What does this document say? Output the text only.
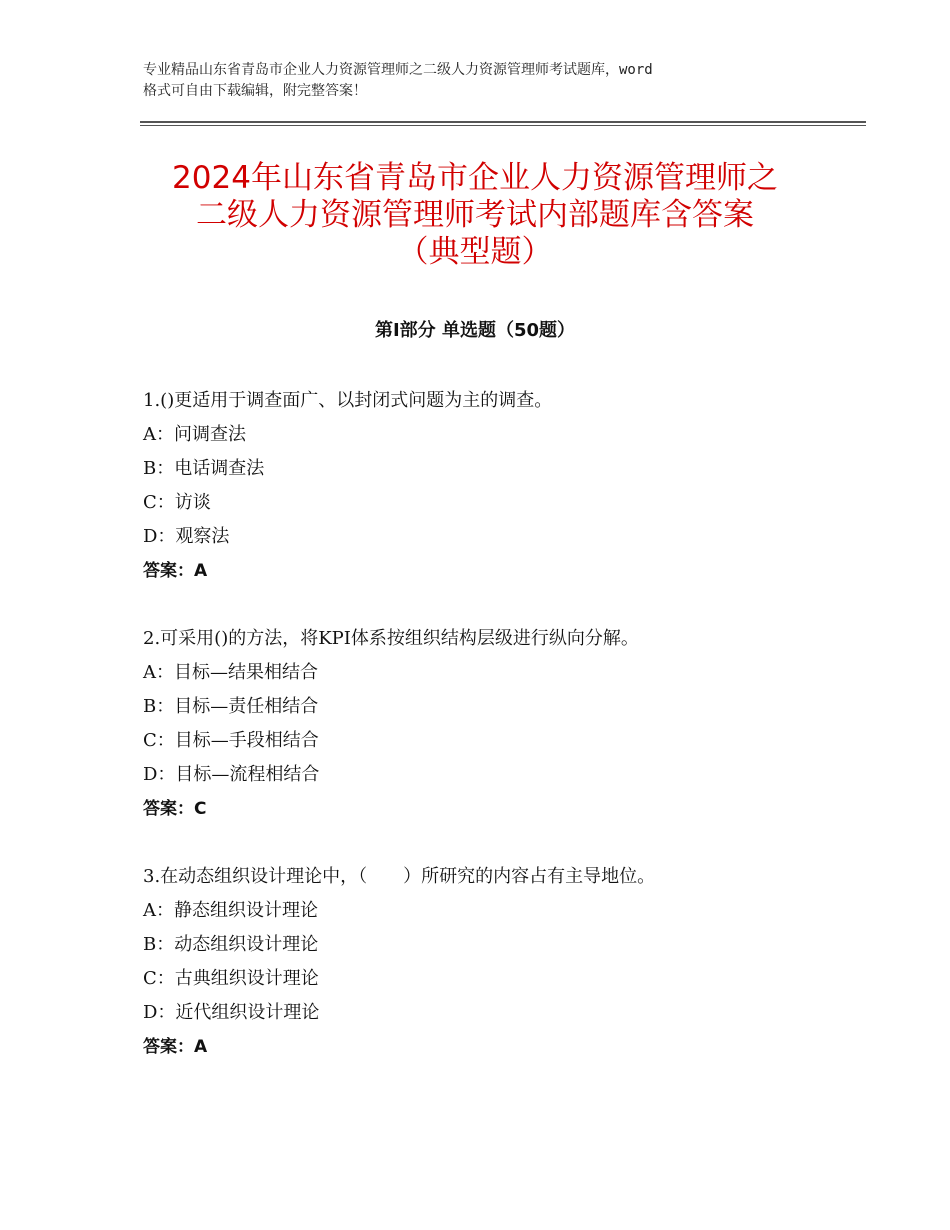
专业精品山东省青岛市企业人力资源管理师之二级人力资源管理师考试题库，word
格式可自由下载编辑，附完整答案！
2024年山东省青岛市企业人力资源管理师之
二级人力资源管理师考试内部题库含答案
（典型题）
第Ⅰ部分 单选题（50题）
1.()更适用于调查面广、以封闭式问题为主的调查。
A：问调查法
B：电话调查法
C：访谈
D：观察法
答案：A
2.可采用()的方法，将KPI体系按组织结构层级进行纵向分解。
A：目标—结果相结合
B：目标—责任相结合
C：目标—手段相结合
D：目标—流程相结合
答案：C
3.在动态组织设计理论中，（　　）所研究的内容占有主导地位。
A：静态组织设计理论
B：动态组织设计理论
C：古典组织设计理论
D：近代组织设计理论
答案：A
